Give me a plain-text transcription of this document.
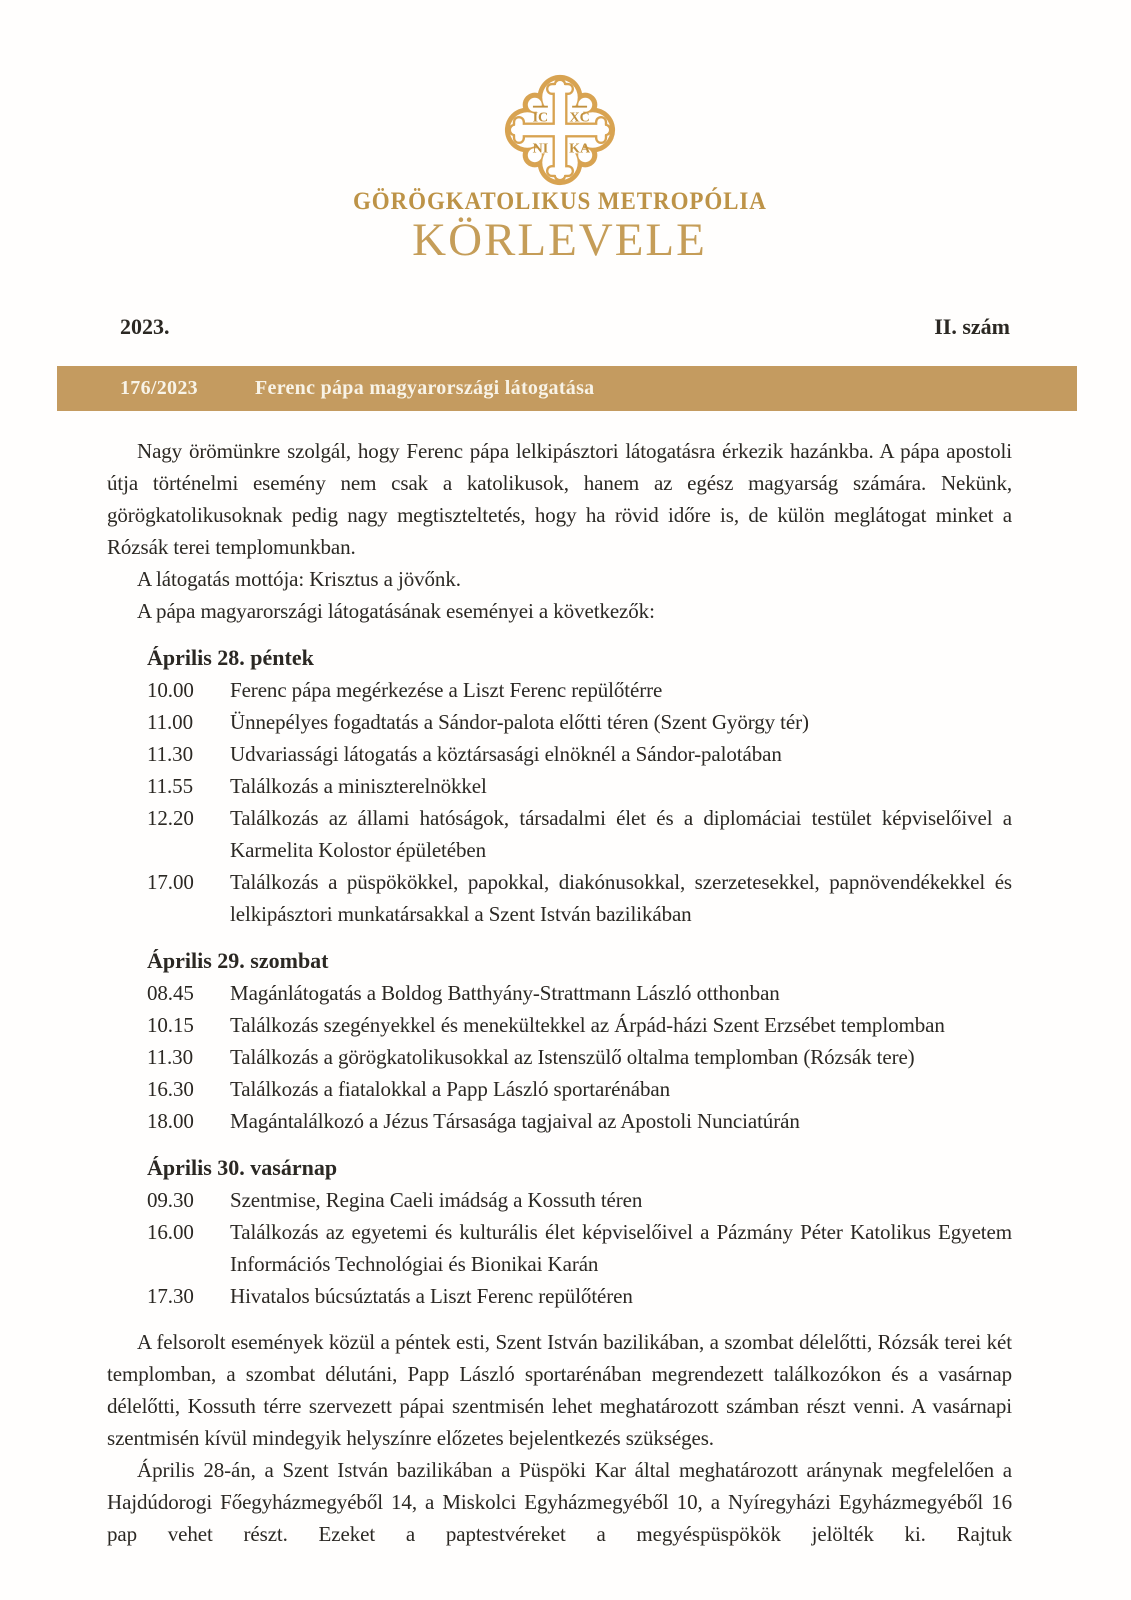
IC XC
NI KA
GÖRÖGKATOLIKUS METROPÓLIA
KÖRLEVELE
2023.	II. szám
176/2023	Ferenc pápa magyarországi látogatása

Nagy örömünkre szolgál, hogy Ferenc pápa lelkipásztori látogatásra érkezik hazánkba. A pápa apostoli útja történelmi esemény nem csak a katolikusok, hanem az egész magyarság számára. Nekünk, görögkatolikusoknak pedig nagy megtiszteltetés, hogy ha rövid időre is, de külön meglátogat minket a Rózsák terei templomunkban.

A látogatás mottója: Krisztus a jövőnk.

A pápa magyarországi látogatásának eseményei a következők:

Április 28. péntek
10.00	Ferenc pápa megérkezése a Liszt Ferenc repülőtérre
11.00	Ünnepélyes fogadtatás a Sándor-palota előtti téren (Szent György tér)
11.30	Udvariassági látogatás a köztársasági elnöknél a Sándor-palotában
11.55	Találkozás a miniszterelnökkel
12.20	Találkozás az állami hatóságok, társadalmi élet és a diplomáciai testület képviselőivel a Karmelita Kolostor épületében
17.00	Találkozás a püspökökkel, papokkal, diakónusokkal, szerzetesekkel, papnövendékekkel és lelkipásztori munkatársakkal a Szent István bazilikában
Április 29. szombat
08.45	Magánlátogatás a Boldog Batthyány-Strattmann László otthonban
10.15	Találkozás szegényekkel és menekültekkel az Árpád-házi Szent Erzsébet templomban
11.30	Találkozás a görögkatolikusokkal az Istenszülő oltalma templomban (Rózsák tere)
16.30	Találkozás a fiatalokkal a Papp László sportarénában
18.00	Magántalálkozó a Jézus Társasága tagjaival az Apostoli Nunciatúrán
Április 30. vasárnap
09.30	Szentmise, Regina Caeli imádság a Kossuth téren
16.00	Találkozás az egyetemi és kulturális élet képviselőivel a Pázmány Péter Katolikus Egyetem Információs Technológiai és Bionikai Karán
17.30	Hivatalos búcsúztatás a Liszt Ferenc repülőtéren

A felsorolt események közül a péntek esti, Szent István bazilikában, a szombat délelőtti, Rózsák terei két templomban, a szombat délutáni, Papp László sportarénában megrendezett találkozókon és a vasárnap délelőtti, Kossuth térre szervezett pápai szentmisén lehet meghatározott számban részt venni. A vasárnapi szentmisén kívül mindegyik helyszínre előzetes bejelentkezés szükséges.

Április 28-án, a Szent István bazilikában a Püspöki Kar által meghatározott aránynak megfelelően a Hajdúdorogi Főegyházmegyéből 14, a Miskolci Egyházmegyéből 10, a Nyíregyházi Egyházmegyéből 16 pap vehet részt. Ezeket a paptestvéreket a megyéspüspökök jelölték ki. Rajtuk
